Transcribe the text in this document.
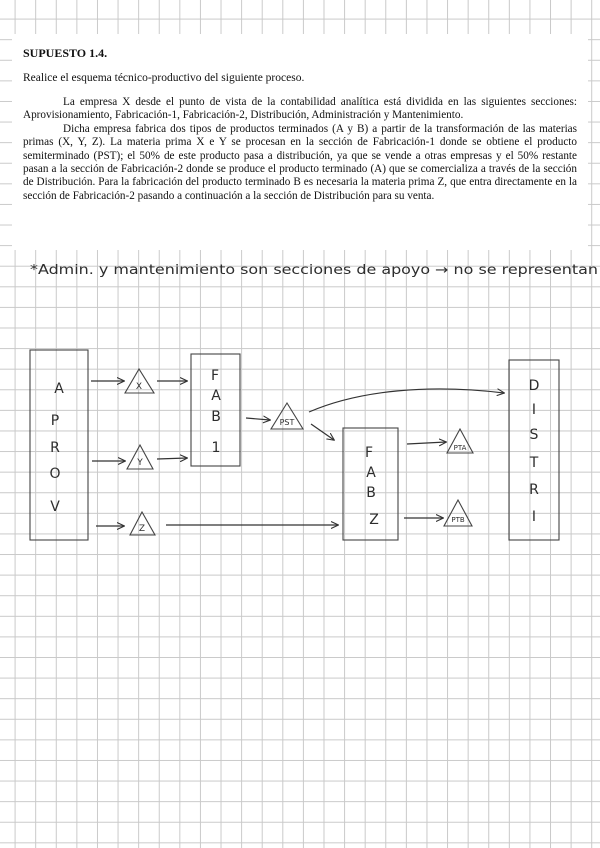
SUPUESTO 1.4.

Realice el esquema técnico-productivo del siguiente proceso.

La empresa X desde el punto de vista de la contabilidad analítica está dividida en las siguientes secciones: Aprovisionamiento, Fabricación-1, Fabricación-2, Distribución, Administración y Mantenimiento.

Dicha empresa fabrica dos tipos de productos terminados (A y B) a partir de la transformación de las materias primas (X, Y, Z). La materia prima X e Y se procesan en la sección de Fabricación-1 donde se obtiene el producto semiterminado (PST); el 50% de este producto pasa a distribución, ya que se vende a otras empresas y el 50% restante pasan a la sección de Fabricación-2 donde se produce el producto terminado (A) que se comercializa a través de la sección de Distribución. Para la fabricación del producto terminado B es necesaria la materia prima Z, que entra directamente en la sección de Fabricación-2 pasando a continuación a la sección de Distribución para su venta.

*Admin. y mantenimiento son secciones de apoyo → no se representan
A
P
R
O
V
F
A
B
1	F
A
B
Z
D
I
S
T
R
I
X
Y
Z
PST
PTA
PTB
